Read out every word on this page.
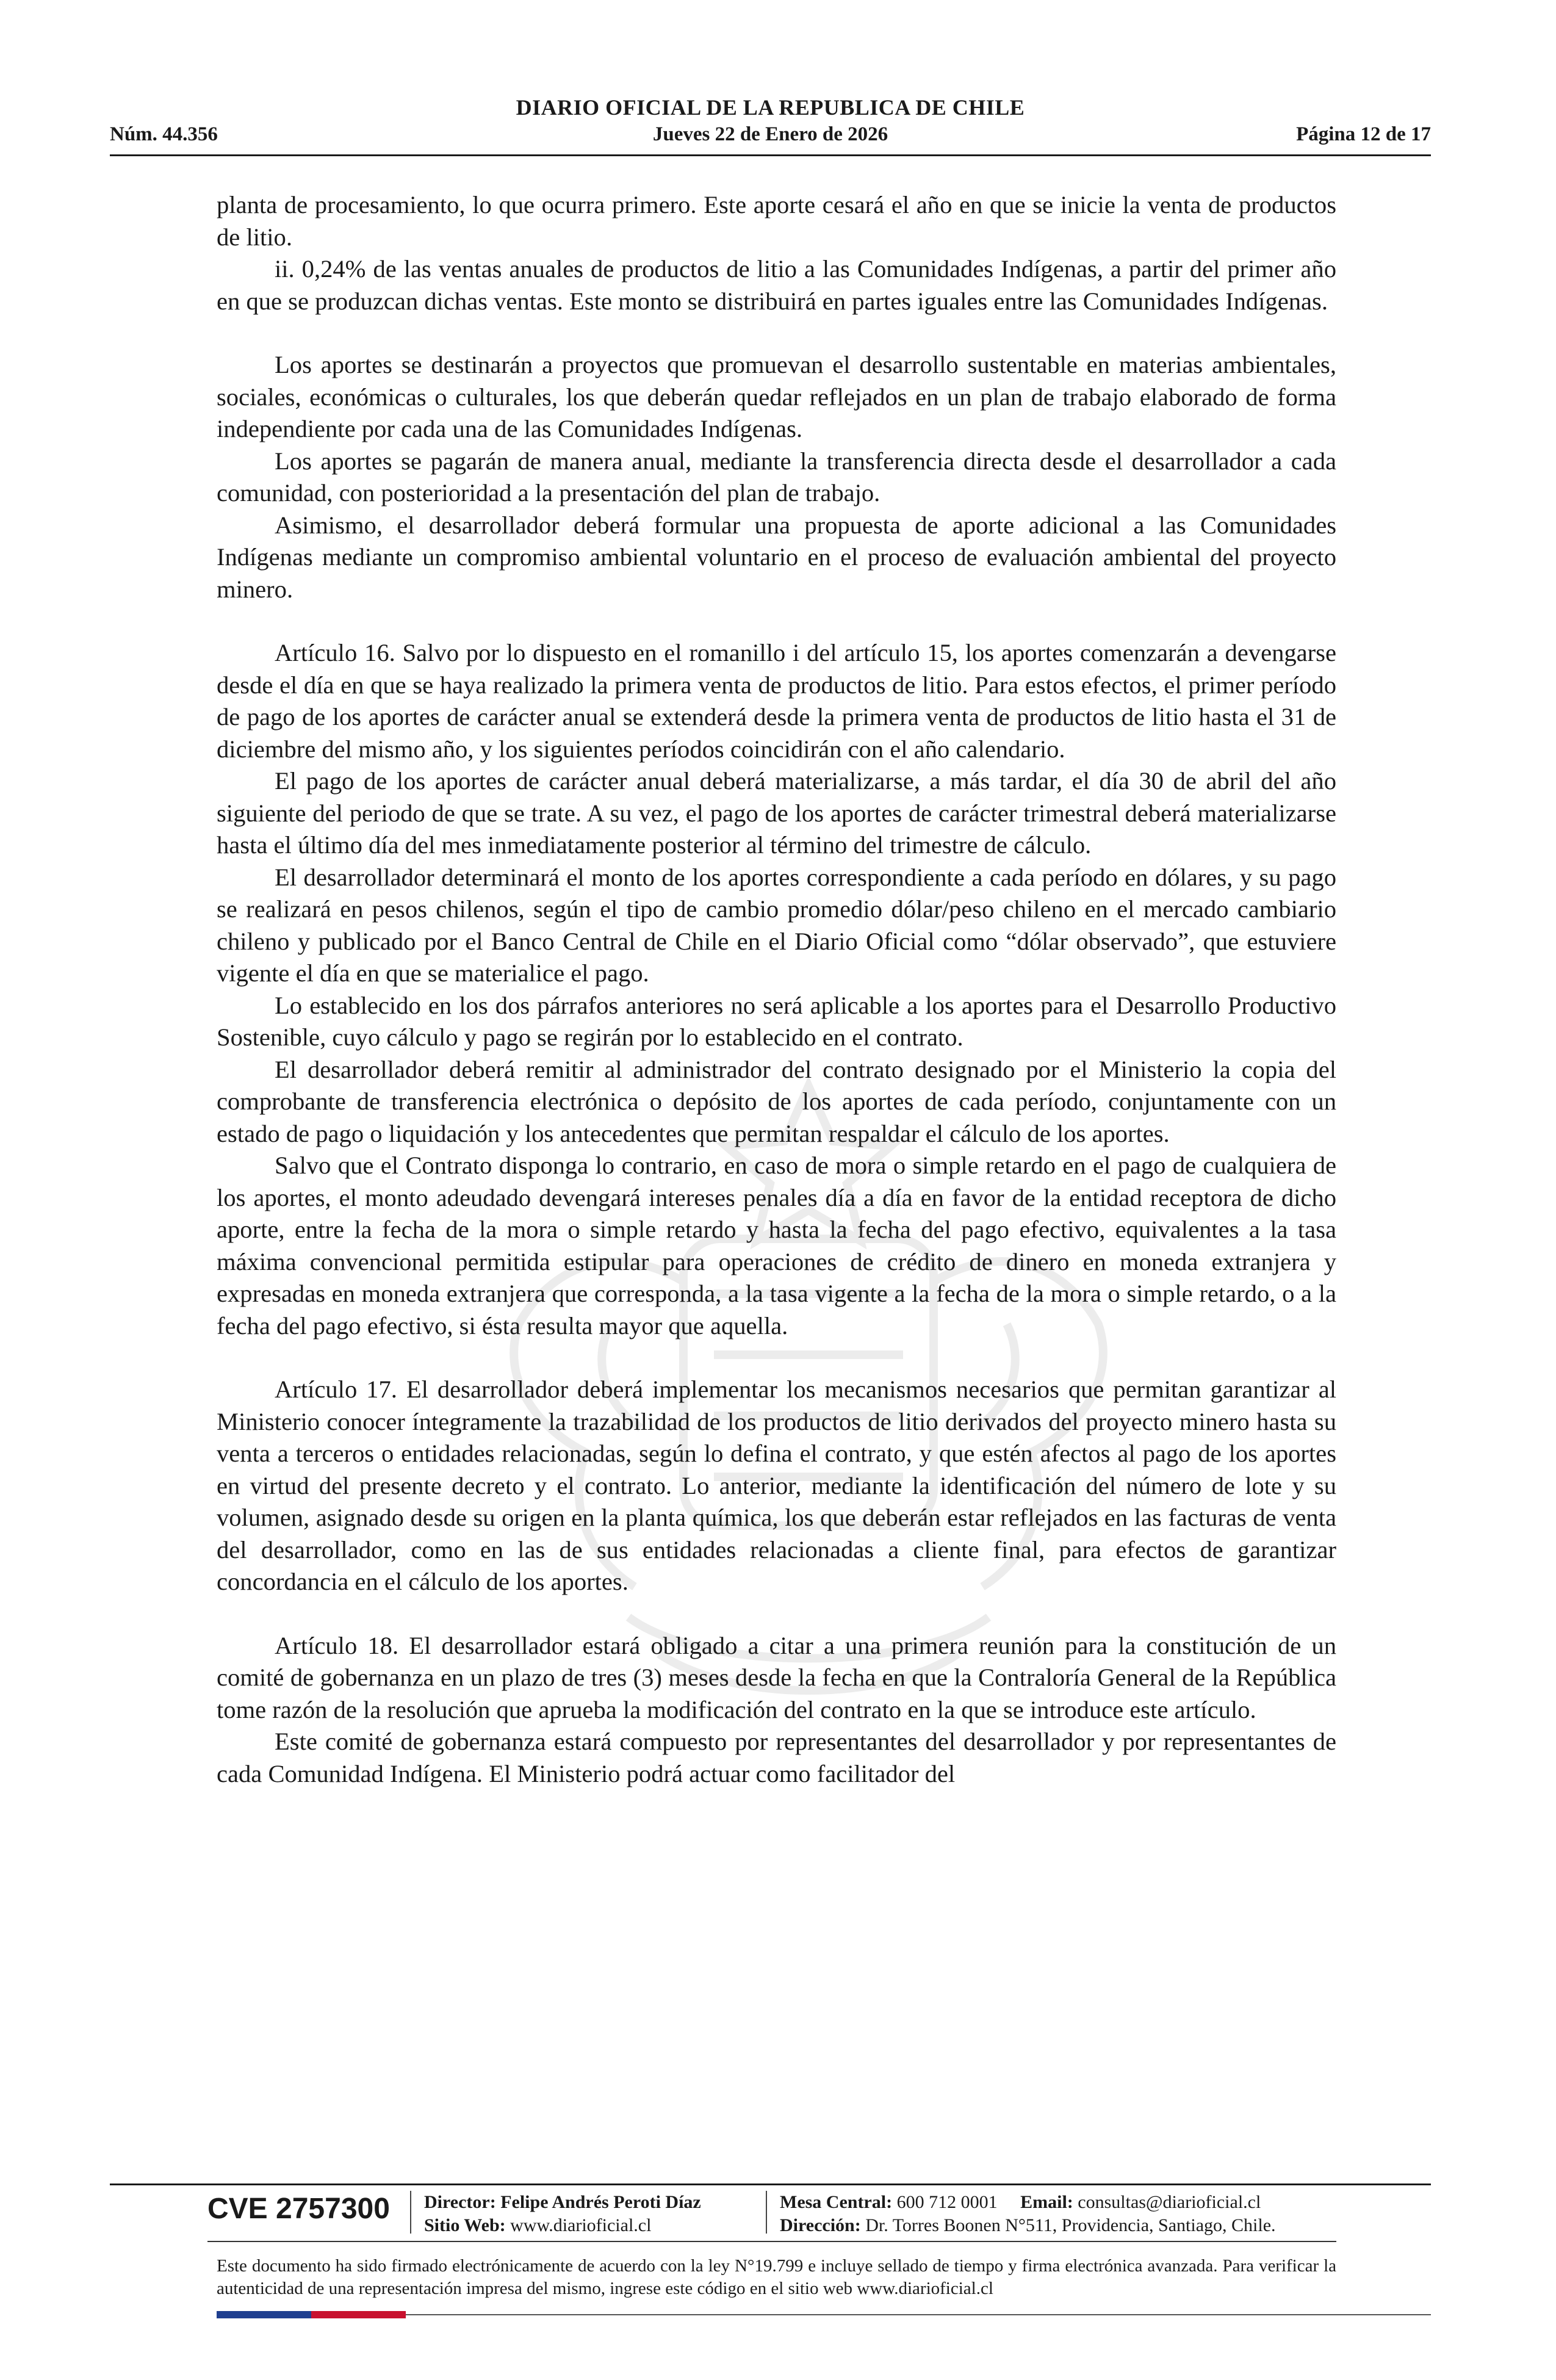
DIARIO OFICIAL DE LA REPUBLICA DE CHILE
Núm. 44.356	Jueves 22 de Enero de 2026	Página 12 de 17

planta de procesamiento, lo que ocurra primero. Este aporte cesará el año en que se inicie la venta de productos de litio.

ii. 0,24% de las ventas anuales de productos de litio a las Comunidades Indígenas, a partir del primer año en que se produzcan dichas ventas. Este monto se distribuirá en partes iguales entre las Comunidades Indígenas.

Los aportes se destinarán a proyectos que promuevan el desarrollo sustentable en materias ambientales, sociales, económicas o culturales, los que deberán quedar reflejados en un plan de trabajo elaborado de forma independiente por cada una de las Comunidades Indígenas.

Los aportes se pagarán de manera anual, mediante la transferencia directa desde el desarrollador a cada comunidad, con posterioridad a la presentación del plan de trabajo.

Asimismo, el desarrollador deberá formular una propuesta de aporte adicional a las Comunidades Indígenas mediante un compromiso ambiental voluntario en el proceso de evaluación ambiental del proyecto minero.

Artículo 16. Salvo por lo dispuesto en el romanillo i del artículo 15, los aportes comenzarán a devengarse desde el día en que se haya realizado la primera venta de productos de litio. Para estos efectos, el primer período de pago de los aportes de carácter anual se extenderá desde la primera venta de productos de litio hasta el 31 de diciembre del mismo año, y los siguientes períodos coincidirán con el año calendario.

El pago de los aportes de carácter anual deberá materializarse, a más tardar, el día 30 de abril del año siguiente del periodo de que se trate. A su vez, el pago de los aportes de carácter trimestral deberá materializarse hasta el último día del mes inmediatamente posterior al término del trimestre de cálculo.

El desarrollador determinará el monto de los aportes correspondiente a cada período en dólares, y su pago se realizará en pesos chilenos, según el tipo de cambio promedio dólar/peso chileno en el mercado cambiario chileno y publicado por el Banco Central de Chile en el Diario Oficial como “dólar observado”, que estuviere vigente el día en que se materialice el pago.

Lo establecido en los dos párrafos anteriores no será aplicable a los aportes para el Desarrollo Productivo Sostenible, cuyo cálculo y pago se regirán por lo establecido en el contrato.

El desarrollador deberá remitir al administrador del contrato designado por el Ministerio la copia del comprobante de transferencia electrónica o depósito de los aportes de cada período, conjuntamente con un estado de pago o liquidación y los antecedentes que permitan respaldar el cálculo de los aportes.

Salvo que el Contrato disponga lo contrario, en caso de mora o simple retardo en el pago de cualquiera de los aportes, el monto adeudado devengará intereses penales día a día en favor de la entidad receptora de dicho aporte, entre la fecha de la mora o simple retardo y hasta la fecha del pago efectivo, equivalentes a la tasa máxima convencional permitida estipular para operaciones de crédito de dinero en moneda extranjera y expresadas en moneda extranjera que corresponda, a la tasa vigente a la fecha de la mora o simple retardo, o a la fecha del pago efectivo, si ésta resulta mayor que aquella.

Artículo 17. El desarrollador deberá implementar los mecanismos necesarios que permitan garantizar al Ministerio conocer íntegramente la trazabilidad de los productos de litio derivados del proyecto minero hasta su venta a terceros o entidades relacionadas, según lo defina el contrato, y que estén afectos al pago de los aportes en virtud del presente decreto y el contrato. Lo anterior, mediante la identificación del número de lote y su volumen, asignado desde su origen en la planta química, los que deberán estar reflejados en las facturas de venta del desarrollador, como en las de sus entidades relacionadas a cliente final, para efectos de garantizar concordancia en el cálculo de los aportes.

Artículo 18. El desarrollador estará obligado a citar a una primera reunión para la constitución de un comité de gobernanza en un plazo de tres (3) meses desde la fecha en que la Contraloría General de la República tome razón de la resolución que aprueba la modificación del contrato en la que se introduce este artículo.

Este comité de gobernanza estará compuesto por representantes del desarrollador y por representantes de cada Comunidad Indígena. El Ministerio podrá actuar como facilitador del

CVE 2757300 Director: Felipe Andrés Peroti Díaz
Sitio Web: www.diarioficial.cl
Mesa Central: 600 712 0001 Email: consultas@diarioficial.cl
Dirección: Dr. Torres Boonen N°511, Providencia, Santiago, Chile.
Este documento ha sido firmado electrónicamente de acuerdo con la ley N°19.799 e incluye sellado de tiempo y firma electrónica avanzada. Para verificar la autenticidad de una representación impresa del mismo, ingrese este código en el sitio web www.diarioficial.cl
